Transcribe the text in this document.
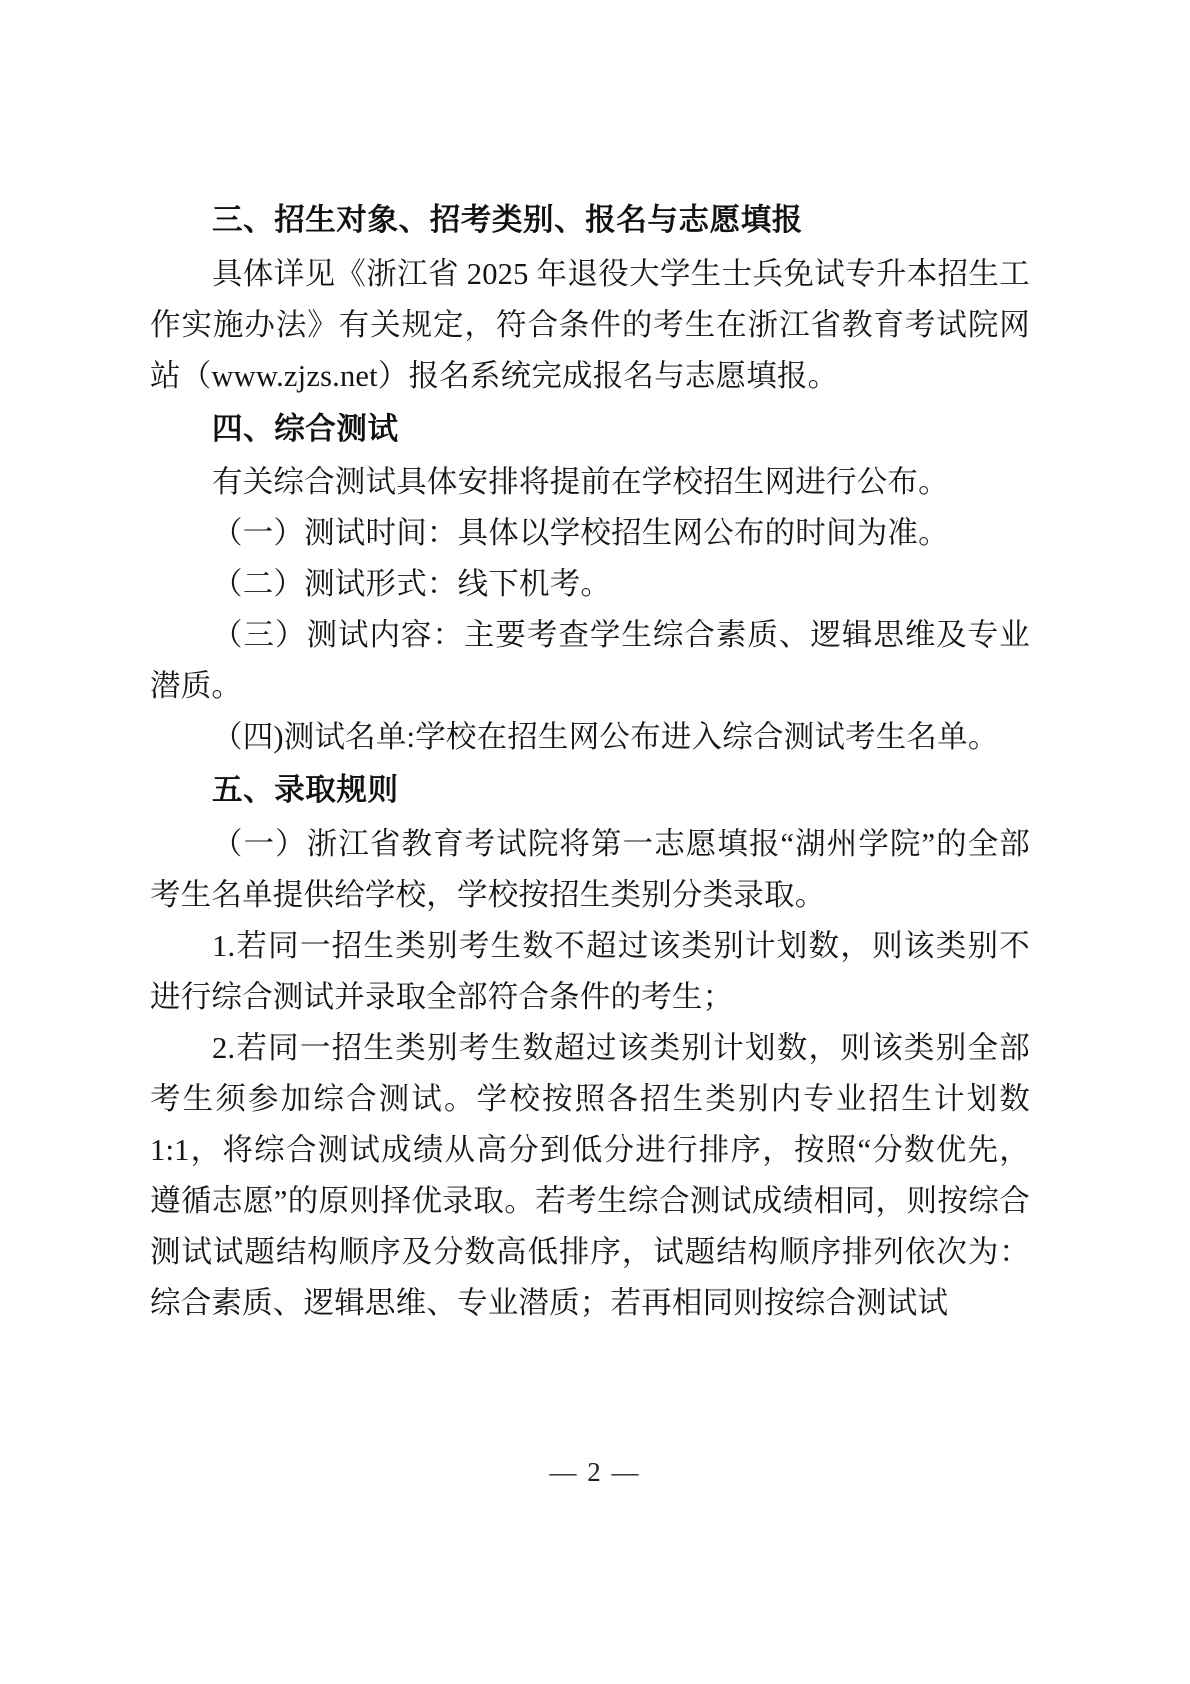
三、招生对象、招考类别、报名与志愿填报

具体详见《浙江省 2025 年退役大学生士兵免试专升本招生工作实施办法》有关规定，符合条件的考生在浙江省教育考试院网站（www.zjzs.net）报名系统完成报名与志愿填报。

四、综合测试

有关综合测试具体安排将提前在学校招生网进行公布。

（一）测试时间：具体以学校招生网公布的时间为准。

（二）测试形式：线下机考。

（三）测试内容：主要考查学生综合素质、逻辑思维及专业潜质。

（四)测试名单:学校在招生网公布进入综合测试考生名单。

五、录取规则

（一）浙江省教育考试院将第一志愿填报“湖州学院”的全部考生名单提供给学校，学校按招生类别分类录取。

1.若同一招生类别考生数不超过该类别计划数，则该类别不进行综合测试并录取全部符合条件的考生；

2.若同一招生类别考生数超过该类别计划数，则该类别全部考生须参加综合测试。学校按照各招生类别内专业招生计划数1:1，将综合测试成绩从高分到低分进行排序，按照“分数优先，遵循志愿”的原则择优录取。若考生综合测试成绩相同，则按综合测试试题结构顺序及分数高低排序，试题结构顺序排列依次为：综合素质、逻辑思维、专业潜质；若再相同则按综合测试试

— 2 —
